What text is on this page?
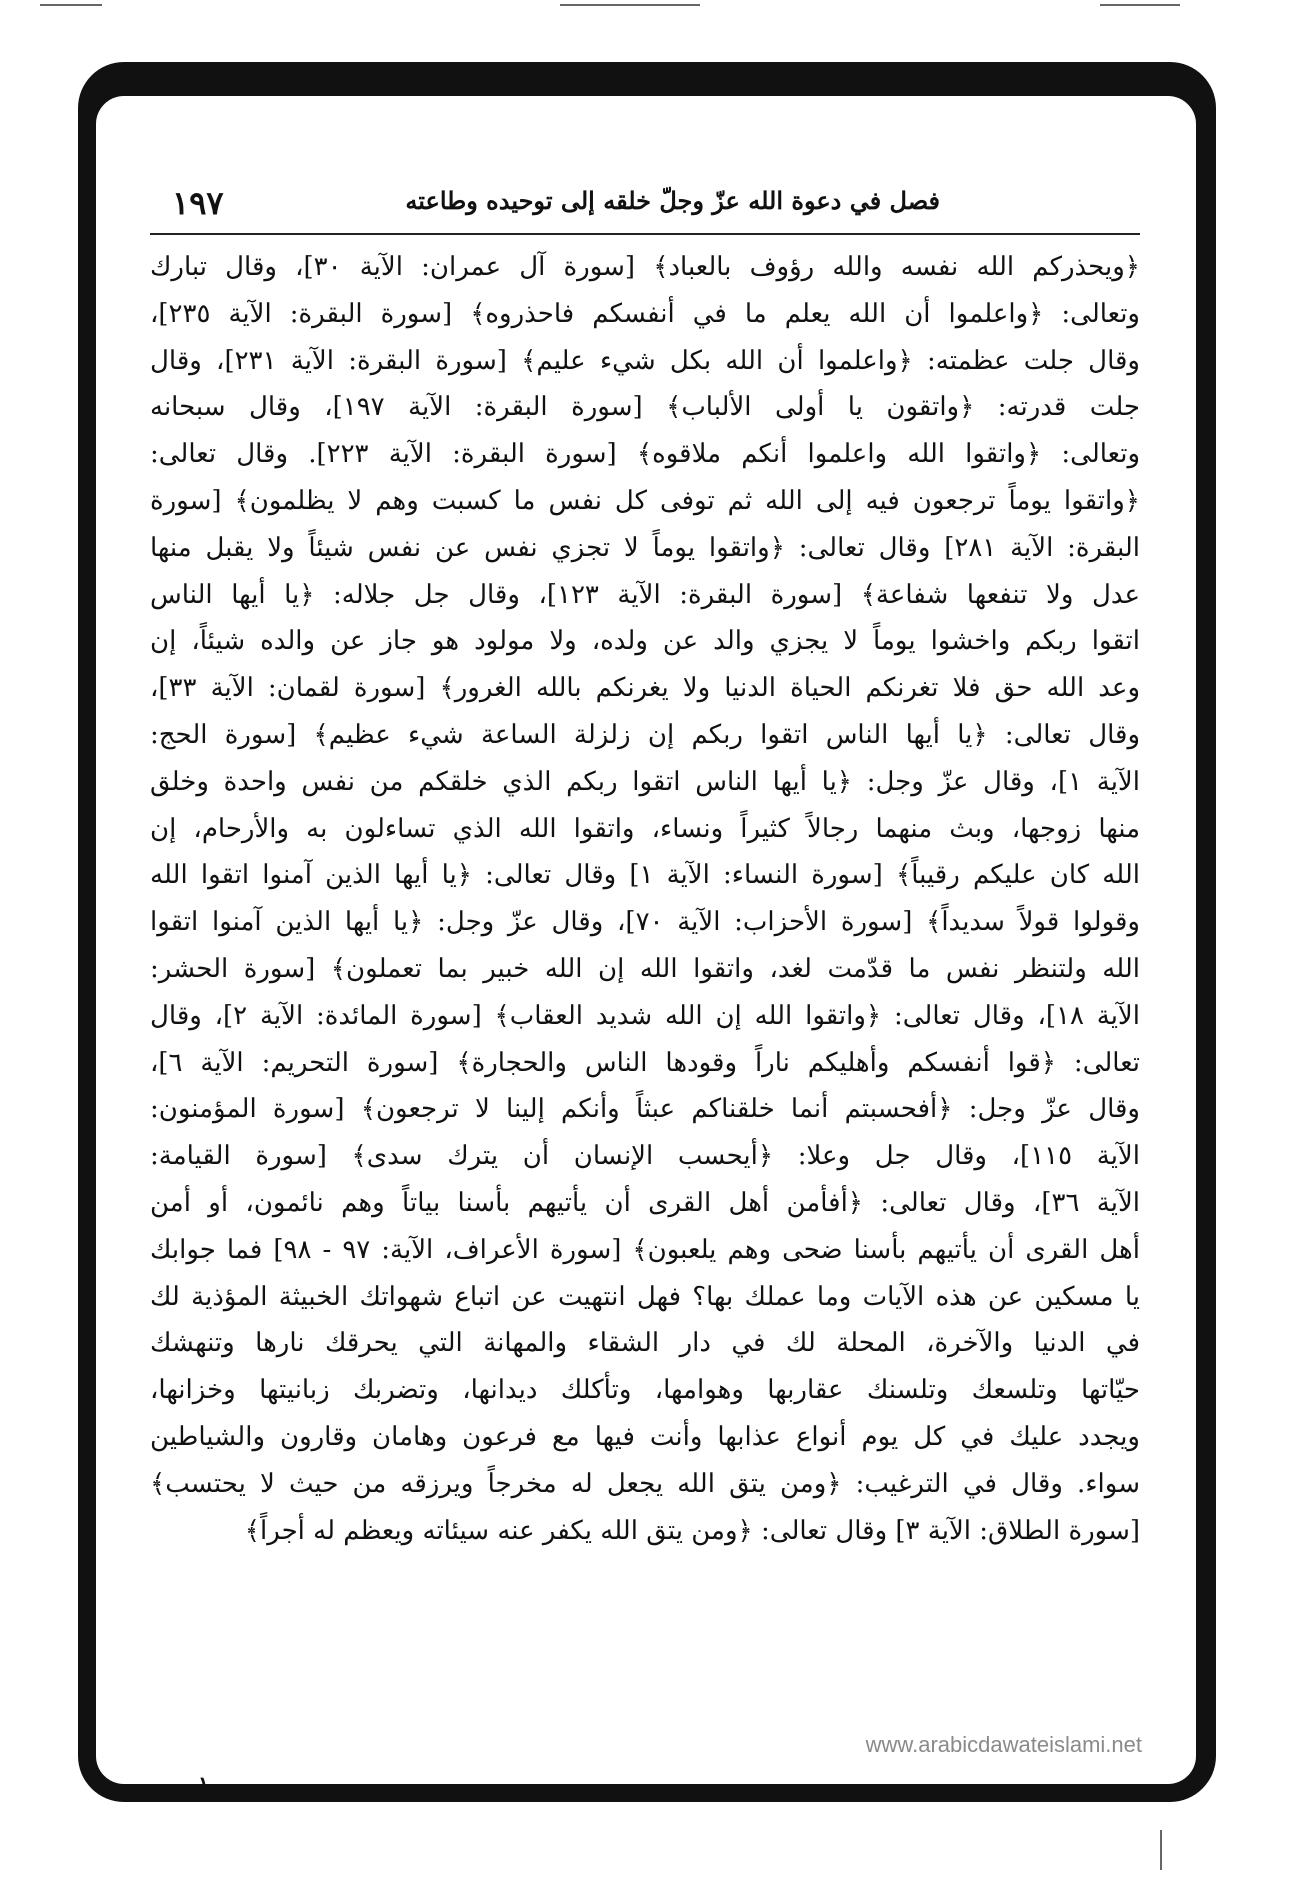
١٩٧	فصل في دعوة الله عزّ وجلّ خلقه إلى توحيده وطاعته
﴿ويحذركم الله نفسه والله رؤوف بالعباد﴾ [سورة آل عمران: الآية ٣٠]، وقال تبارك
وتعالى: ﴿واعلموا أن الله يعلم ما في أنفسكم فاحذروه﴾ [سورة البقرة: الآية ٢٣٥]،
وقال جلت عظمته: ﴿واعلموا أن الله بكل شيء عليم﴾ [سورة البقرة: الآية ٢٣١]، وقال
جلت قدرته: ﴿واتقون يا أولى الألباب﴾ [سورة البقرة: الآية ١٩٧]، وقال سبحانه
وتعالى: ﴿واتقوا الله واعلموا أنكم ملاقوه﴾ [سورة البقرة: الآية ٢٢٣]. وقال تعالى:
﴿واتقوا يوماً ترجعون فيه إلى الله ثم توفى كل نفس ما كسبت وهم لا يظلمون﴾ [سورة
البقرة: الآية ٢٨١] وقال تعالى: ﴿واتقوا يوماً لا تجزي نفس عن نفس شيئاً ولا يقبل منها
عدل ولا تنفعها شفاعة﴾ [سورة البقرة: الآية ١٢٣]، وقال جل جلاله: ﴿يا أيها الناس
اتقوا ربكم واخشوا يوماً لا يجزي والد عن ولده، ولا مولود هو جاز عن والده شيئاً، إن
وعد الله حق فلا تغرنكم الحياة الدنيا ولا يغرنكم بالله الغرور﴾ [سورة لقمان: الآية ٣٣]،
وقال تعالى: ﴿يا أيها الناس اتقوا ربكم إن زلزلة الساعة شيء عظيم﴾ [سورة الحج:
الآية ١]، وقال عزّ وجل: ﴿يا أيها الناس اتقوا ربكم الذي خلقكم من نفس واحدة وخلق
منها زوجها، وبث منهما رجالاً كثيراً ونساء، واتقوا الله الذي تساءلون به والأرحام، إن
الله كان عليكم رقيباً﴾ [سورة النساء: الآية ١] وقال تعالى: ﴿يا أيها الذين آمنوا اتقوا الله
وقولوا قولاً سديداً﴾ [سورة الأحزاب: الآية ٧٠]، وقال عزّ وجل: ﴿يا أيها الذين آمنوا اتقوا
الله ولتنظر نفس ما قدّمت لغد، واتقوا الله إن الله خبير بما تعملون﴾ [سورة الحشر:
الآية ١٨]، وقال تعالى: ﴿واتقوا الله إن الله شديد العقاب﴾ [سورة المائدة: الآية ٢]، وقال
تعالى: ﴿قوا أنفسكم وأهليكم ناراً وقودها الناس والحجارة﴾ [سورة التحريم: الآية ٦]،
وقال عزّ وجل: ﴿أفحسبتم أنما خلقناكم عبثاً وأنكم إلينا لا ترجعون﴾ [سورة المؤمنون:
الآية ١١٥]، وقال جل وعلا: ﴿أيحسب الإنسان أن يترك سدى﴾ [سورة القيامة:
الآية ٣٦]، وقال تعالى: ﴿أفأمن أهل القرى أن يأتيهم بأسنا بياتاً وهم نائمون، أو أمن
أهل القرى أن يأتيهم بأسنا ضحى وهم يلعبون﴾ [سورة الأعراف، الآية: ٩٧ - ٩٨] فما جوابك
يا مسكين عن هذه الآيات وما عملك بها؟ فهل انتهيت عن اتباع شهواتك الخبيثة المؤذية لك
في الدنيا والآخرة، المحلة لك في دار الشقاء والمهانة التي يحرقك نارها وتنهشك
حيّاتها وتلسعك وتلسنك عقاربها وهوامها، وتأكلك ديدانها، وتضربك زبانيتها وخزانها،
ويجدد عليك في كل يوم أنواع عذابها وأنت فيها مع فرعون وهامان وقارون والشياطين
سواء. وقال في الترغيب: ﴿ومن يتق الله يجعل له مخرجاً ويرزقه من حيث لا يحتسب﴾
[سورة الطلاق: الآية ٣] وقال تعالى: ﴿ومن يتق الله يكفر عنه سيئاته ويعظم له أجراً﴾
www.arabicdawateislami.net
١
